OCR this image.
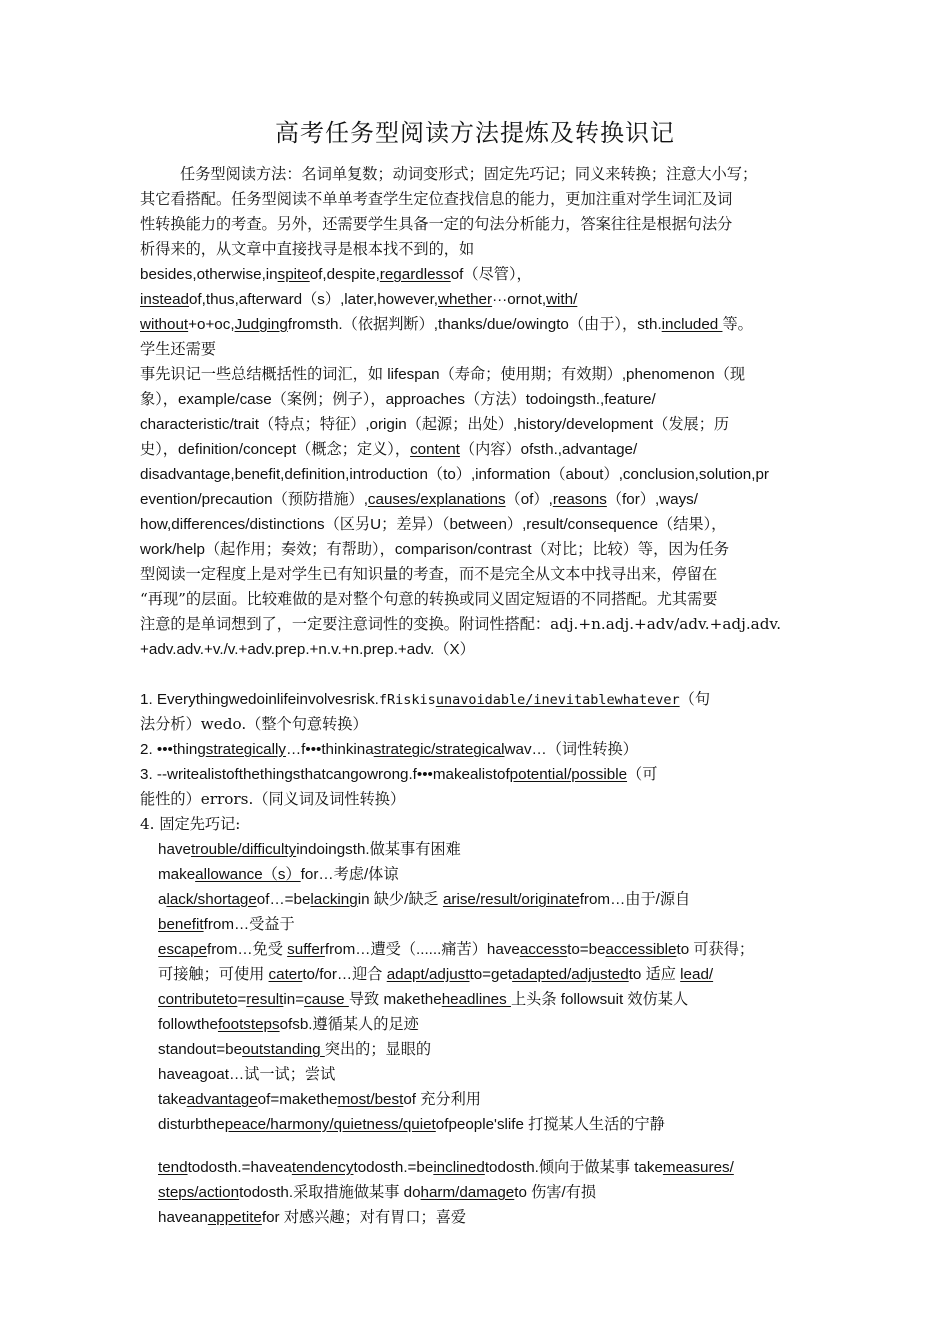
高考任务型阅读方法提炼及转换识记
任务型阅读方法：名词单复数；动词变形式；固定先巧记；同义来转换；注意大小写；
其它看搭配。任务型阅读不单单考查学生定位查找信息的能力，更加注重对学生词汇及词
性转换能力的考查。另外，还需要学生具备一定的句法分析能力，答案往往是根据句法分
析得来的，从文章中直接找寻是根本找不到的，如
besides,otherwise,inspiteof,despite,regardlessof（尽管），
insteadof,thus,afterward（s）,later,however,whether···ornot,with/
without+o+oc,Judgingfromsth.（依据判断）,thanks/due/owingto（由于），sth.included 等。
学生还需要
事先识记一些总结概括性的词汇，如 lifespan（寿命；使用期；有效期）,phenomenon（现
象），example/case（案例；例子），approaches（方法）todoingsth.,feature/
characteristic/trait（特点；特征）,origin（起源；出处）,history/development（发展；历
史），definition/concept（概念；定义），content（内容）ofsth.,advantage/
disadvantage,benefit,definition,introduction（to）,information（about）,conclusion,solution,pr
evention/precaution（预防措施）,causes/explanations（of）,reasons（for）,ways/
how,differences/distinctions（区另U；差异）（between）,result/consequence（结果），
work/help（起作用；奏效；有帮助），comparison/contrast（对比；比较）等，因为任务
型阅读一定程度上是对学生已有知识量的考查，而不是完全从文本中找寻出来，停留在
“再现”的层面。比较难做的是对整个句意的转换或同义固定短语的不同搭配。尤其需要
注意的是单词想到了，一定要注意词性的变换。附词性搭配：adj.+n.adj.+adv/adv.+adj.adv.
+adv.adv.+v./v.+adv.prep.+n.v.+n.prep.+adv.（X）
1. Everythingwedoinlifeinvolvesrisk.fRiskisunavoidable/inevitablewhatever（句
法分析）wedo.（整个句意转换）
2. •••thingstrategically…f•••thinkinastrategic/strategicalwav…（词性转换）
3. --writealistofthethingsthatcangowrong.f•••makealistofpotential/possible（可
能性的）errors.（同义词及词性转换）
4. 固定先巧记:
havetrouble/difficultyindoingsth.做某事有困难
makeallowance（s）for…考虑/体谅
alack/shortageof…=belackingin 缺少/缺乏 arise/result/originatefrom…由于/源自
benefitfrom…受益于
escapefrom…免受 sufferfrom…遭受（......痛苦）haveaccessto=beaccessibleto 可获得；
可接触；可使用 caterto/for…迎合 adapt/adjustto=getadapted/adjustedto 适应 lead/
contributeto=resultin=cause 导致 maketheheadlines 上头条 followsuit 效仿某人
followthefootstepsofsb.遵循某人的足迹
standout=beoutstanding 突出的；显眼的
haveagoat…试一试；尝试
takeadvantageof=makethemost/bestof 充分利用
disturbthepeace/harmony/quietness/quietofpeople'slife 打搅某人生活的宁静
tendtodosth.=haveatendencytodosth.=beinclinedtodosth.倾向于做某事 takemeasures/
steps/actiontodosth.采取措施做某事 doharm/damageto 伤害/有损
haveanappetitefor 对感兴趣；对有胃口；喜爱
